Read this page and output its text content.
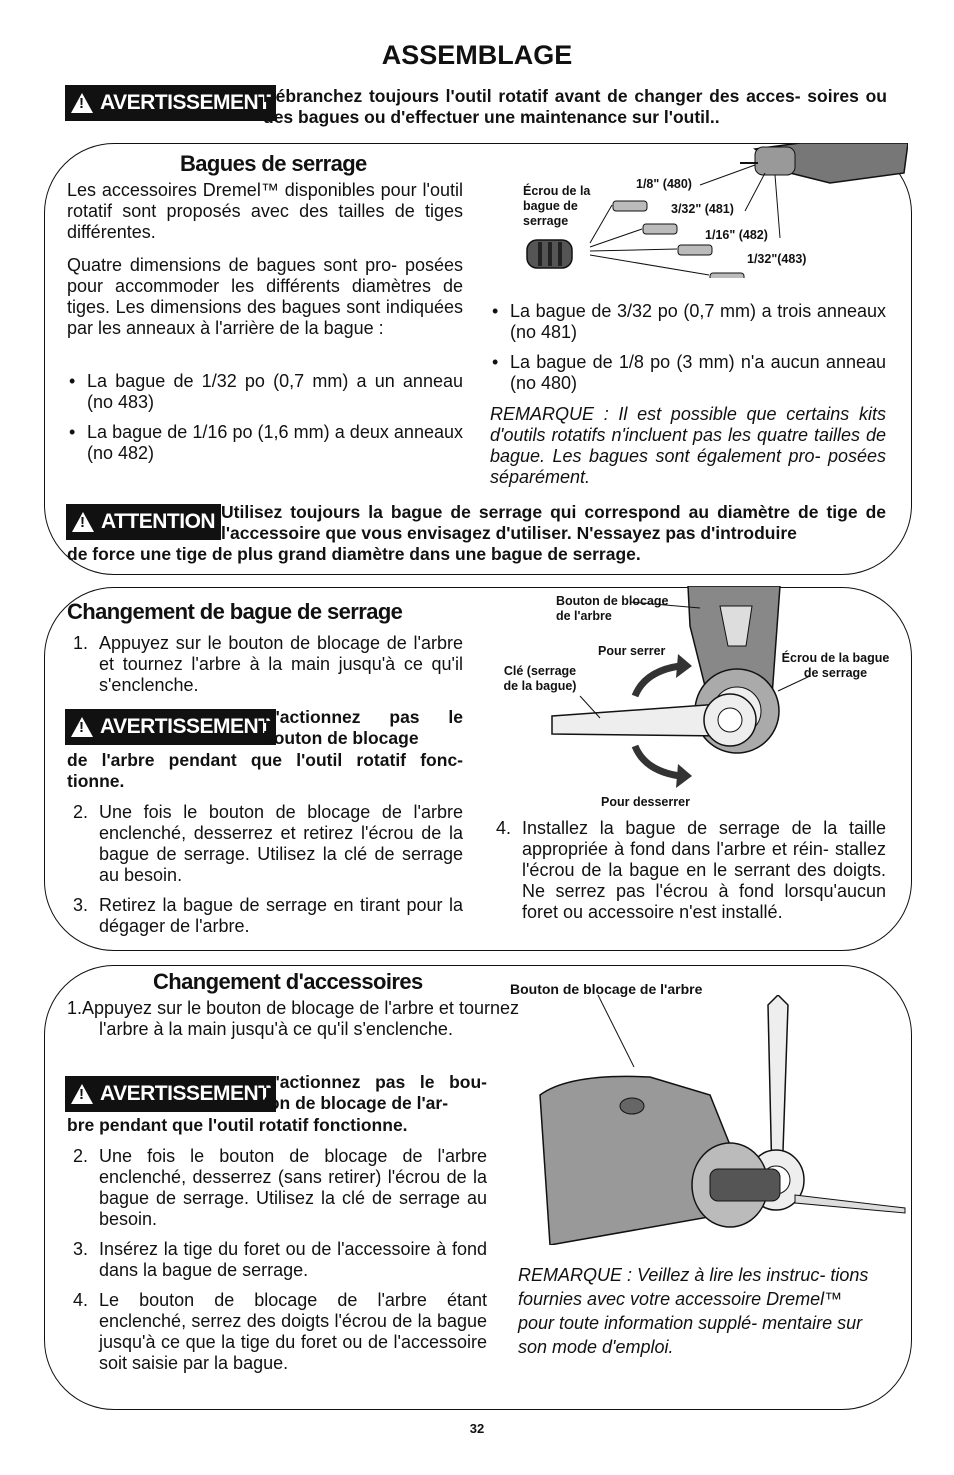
ASSEMBLAGE
!
AVERTISSEMENT
Débranchez toujours l'outil rotatif avant de changer des acces- soires ou des bagues ou d'effectuer une maintenance sur l'outil..
Bagues de serrage
Les accessoires Dremel™ disponibles pour l'outil rotatif sont proposés avec des tailles de tiges différentes.
Quatre dimensions de bagues sont pro- posées pour accommoder les différents diamètres de tiges. Les dimensions des bagues sont indiquées par les anneaux à l'arrière de la bague :
• La bague de 1/32 po (0,7 mm) a un anneau (no 483)
• La bague de 1/16 po (1,6 mm) a deux anneaux (no 482)
Écrou de la bague de serrage
1/8" (480)
3/32" (481)
1/16" (482)
1/32"(483)
• La bague de 3/32 po (0,7 mm) a trois anneaux (no 481)
• La bague de 1/8 po (3 mm) n'a aucun anneau (no 480)
REMARQUE : Il est possible que certains kits d'outils rotatifs n'incluent pas les quatre tailles de bague. Les bagues sont également pro- posées séparément.
!
ATTENTION Utilisez toujours la bague de serrage qui correspond au diamètre de tige de l'accessoire que vous envisagez d'utiliser. N'essayez pas d'introduire
de force une tige de plus grand diamètre dans une bague de serrage.
Changement de bague de serrage
1. Appuyez sur le bouton de blocage de l'arbre et tournez l'arbre à la main jusqu'à ce qu'il s'enclenche.
!
AVERTISSEMENT
N'actionnez pas le bouton de blocage
de l'arbre pendant que l'outil rotatif fonc- tionne.
2. Une fois le bouton de blocage de l'arbre enclenché, desserrez et retirez l'écrou de la bague de serrage. Utilisez la clé de serrage au besoin.
3. Retirez la bague de serrage en tirant pour la dégager de l'arbre.
Bouton de blocage de l'arbre
Pour serrer	Écrou de la bague de serrage
Clé (serrage de la bague)
Pour desserrer
4. Installez la bague de serrage de la taille appropriée à fond dans l'arbre et réin- stallez l'écrou de la bague en le serrant des doigts. Ne serrez pas l'écrou à fond lorsqu'aucun foret ou accessoire n'est installé.
Changement d'accessoires
1.Appuyez sur le bouton de blocage de l'arbre et tournez l'arbre à la main jusqu'à ce qu'il s'enclenche.
!
AVERTISSEMENT
N'actionnez pas le bou- ton de blocage de l'ar-
bre pendant que l'outil rotatif fonctionne.
2. Une fois le bouton de blocage de l'arbre enclenché, desserrez (sans retirer) l'écrou de la bague de serrage. Utilisez la clé de serrage au besoin.
3. Insérez la tige du foret ou de l'accessoire à fond dans la bague de serrage.
4. Le bouton de blocage de l'arbre étant enclenché, serrez des doigts l'écrou de la bague jusqu'à ce que la tige du foret ou de l'accessoire soit saisie par la bague.
Bouton de blocage de l'arbre
REMARQUE : Veillez à lire les instruc- tions fournies avec votre accessoire Dremel™ pour toute information supplé- mentaire sur son mode d'emploi.
32
